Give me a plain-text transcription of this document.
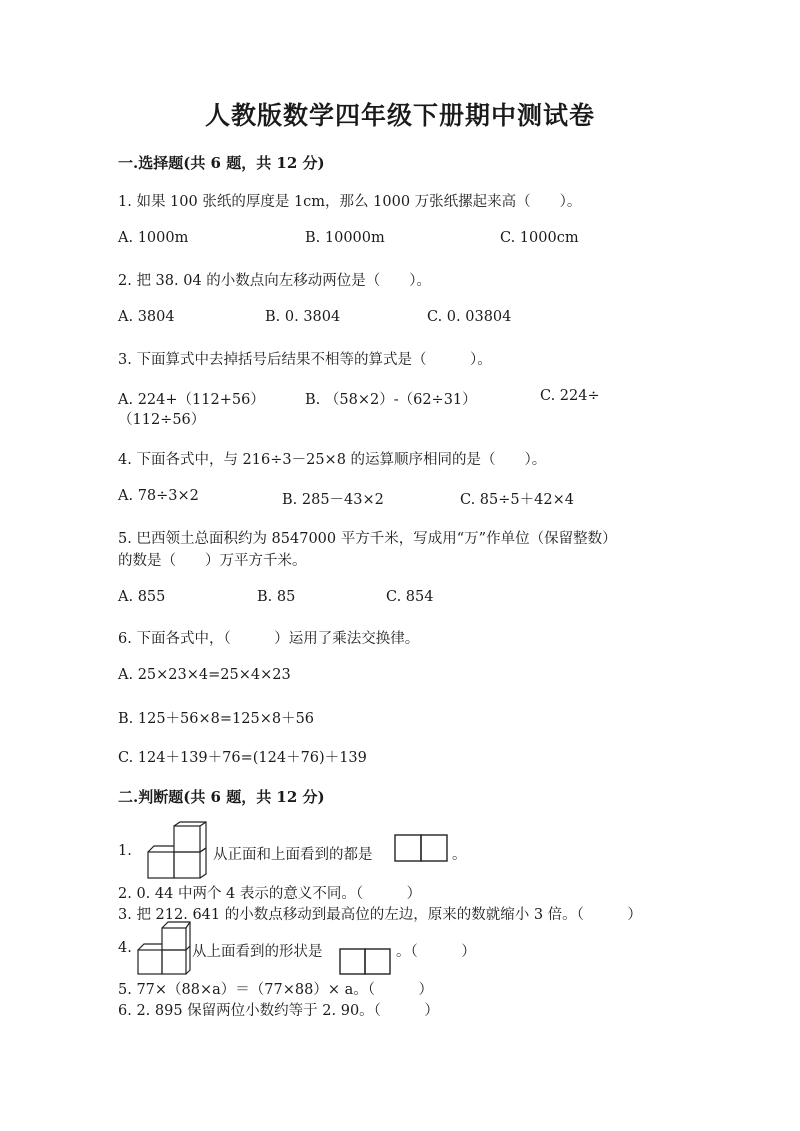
人教版数学四年级下册期中测试卷
一.选择题(共 6 题，共 12 分)
1. 如果 100 张纸的厚度是 1cm，那么 1000 万张纸摞起来高（　　）。
A. 1000m	B. 10000m	C. 1000cm
2. 把 38. 04 的小数点向左移动两位是（　　）。
A. 3804	B. 0. 3804	C. 0. 03804
3. 下面算式中去掉括号后结果不相等的算式是（　　　）。
A. 224+（112+56）	B. （58×2）-（62÷31）	C. 224÷
（112÷56）
4. 下面各式中，与 216÷3－25×8 的运算顺序相同的是（　　）。
A. 78÷3×2	B. 285－43×2	C. 85÷5＋42×4
5. 巴西领土总面积约为 8547000 平方千米，写成用“万”作单位（保留整数）
的数是（　　）万平方千米。
A. 855	B. 85	C. 854
6. 下面各式中，（　　　）运用了乘法交换律。
A. 25×23×4=25×4×23
B. 125＋56×8=125×8＋56
C. 124＋139＋76=(124＋76)＋139
二.判断题(共 6 题，共 12 分)
1.	从正面和上面看到的都是	。
2. 0. 44 中两个 4 表示的意义不同。（　　　）
3. 把 212. 641 的小数点移动到最高位的左边，原来的数就缩小 3 倍。（　　　）
4.	从上面看到的形状是	。（　　　）
5. 77×（88×a）＝（77×88）× a。（　　　）
6. 2. 895 保留两位小数约等于 2. 90。（　　　）
